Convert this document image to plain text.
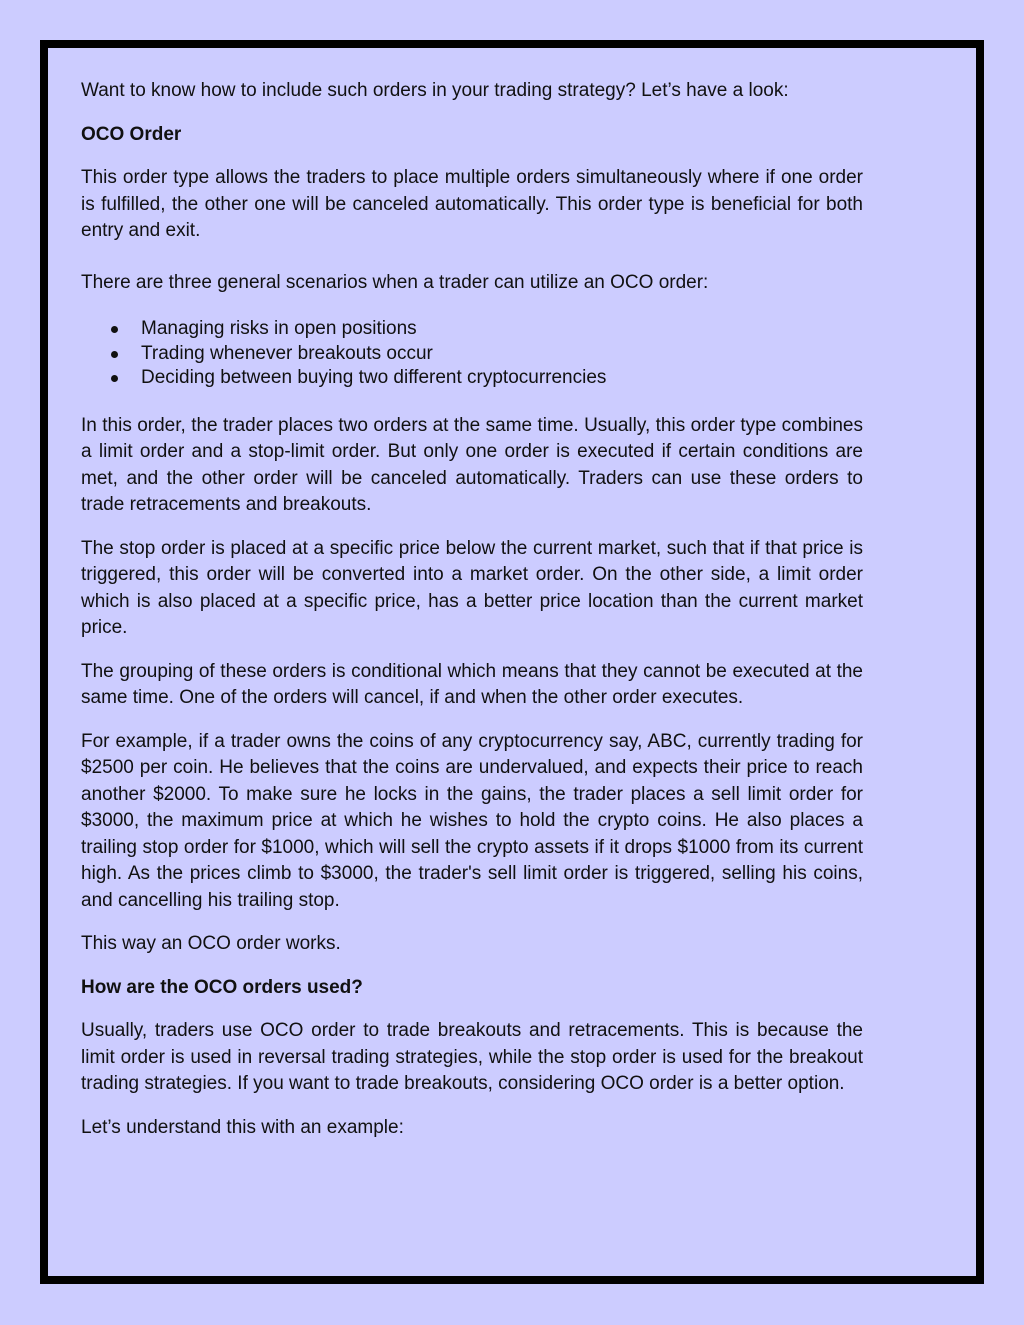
Want to know how to include such orders in your trading strategy? Let’s have a look:

OCO Order

This order type allows the traders to place multiple orders simultaneously where if one order is fulfilled, the other one will be canceled automatically. This order type is beneficial for both entry and exit.

There are three general scenarios when a trader can utilize an OCO order:

Managing risks in open positions
Trading whenever breakouts occur
Deciding between buying two different cryptocurrencies

In this order, the trader places two orders at the same time. Usually, this order type combines a limit order and a stop-limit order. But only one order is executed if certain conditions are met, and the other order will be canceled automatically. Traders can use these orders to trade retracements and breakouts.

The stop order is placed at a specific price below the current market, such that if that price is triggered, this order will be converted into a market order. On the other side, a limit order which is also placed at a specific price, has a better price location than the current market price.

The grouping of these orders is conditional which means that they cannot be executed at the same time. One of the orders will cancel, if and when the other order executes.

For example, if a trader owns the coins of any cryptocurrency say, ABC, currently trading for $2500 per coin. He believes that the coins are undervalued, and expects their price to reach another $2000. To make sure he locks in the gains, the trader places a sell limit order for $3000, the maximum price at which he wishes to hold the crypto coins. He also places a trailing stop order for $1000, which will sell the crypto assets if it drops $1000 from its current high. As the prices climb to $3000, the trader's sell limit order is triggered, selling his coins, and cancelling his trailing stop.

This way an OCO order works.

How are the OCO orders used?

Usually, traders use OCO order to trade breakouts and retracements. This is because the limit order is used in reversal trading strategies, while the stop order is used for the breakout trading strategies. If you want to trade breakouts, considering OCO order is a better option.

Let’s understand this with an example:
